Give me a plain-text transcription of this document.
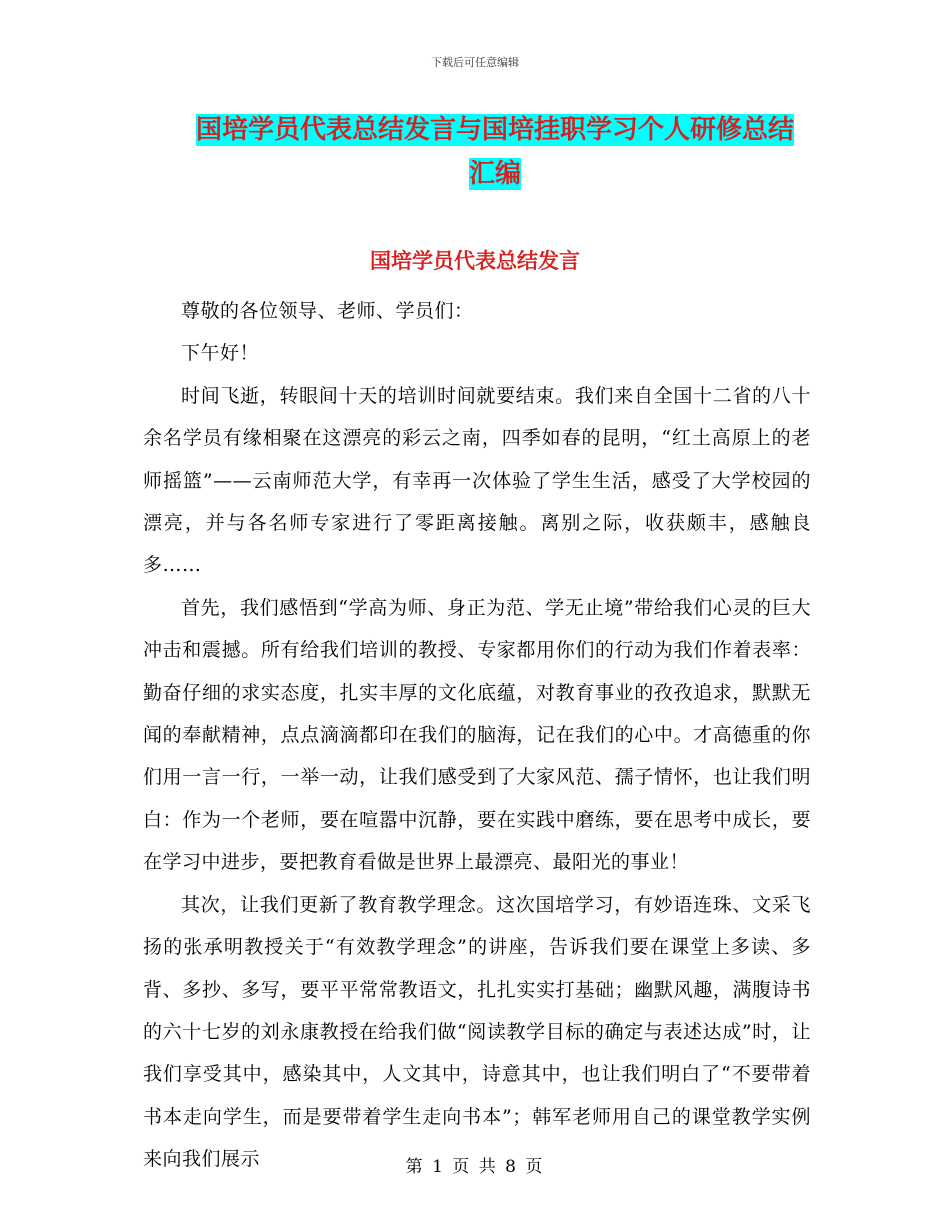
下载后可任意编辑
国培学员代表总结发言与国培挂职学习个人研修总结
汇编
国培学员代表总结发言

尊敬的各位领导、老师、学员们：

下午好！

时间飞逝，转眼间十天的培训时间就要结束。我们来自全国十二省的八十余名学员有缘相聚在这漂亮的彩云之南，四季如春的昆明，“红土高原上的老师摇篮”——云南师范大学，有幸再一次体验了学生生活，感受了大学校园的漂亮，并与各名师专家进行了零距离接触。离别之际，收获颇丰，感触良多……

首先，我们感悟到“学高为师、身正为范、学无止境”带给我们心灵的巨大冲击和震撼。所有给我们培训的教授、专家都用你们的行动为我们作着表率：勤奋仔细的求实态度，扎实丰厚的文化底蕴，对教育事业的孜孜追求，默默无闻的奉献精神，点点滴滴都印在我们的脑海，记在我们的心中。才高德重的你们用一言一行，一举一动，让我们感受到了大家风范、孺子情怀，也让我们明白：作为一个老师，要在喧嚣中沉静，要在实践中磨练，要在思考中成长，要在学习中进步，要把教育看做是世界上最漂亮、最阳光的事业！

其次，让我们更新了教育教学理念。这次国培学习，有妙语连珠、文采飞扬的张承明教授关于“有效教学理念”的讲座，告诉我们要在课堂上多读、多背、多抄、多写，要平平常常教语文，扎扎实实打基础；幽默风趣，满腹诗书的六十七岁的刘永康教授在给我们做“阅读教学目标的确定与表述达成”时，让我们享受其中，感染其中，人文其中，诗意其中，也让我们明白了“不要带着书本走向学生，而是要带着学生走向书本”；韩军老师用自己的课堂教学实例来向我们展示	第 1 页 共 8 页
